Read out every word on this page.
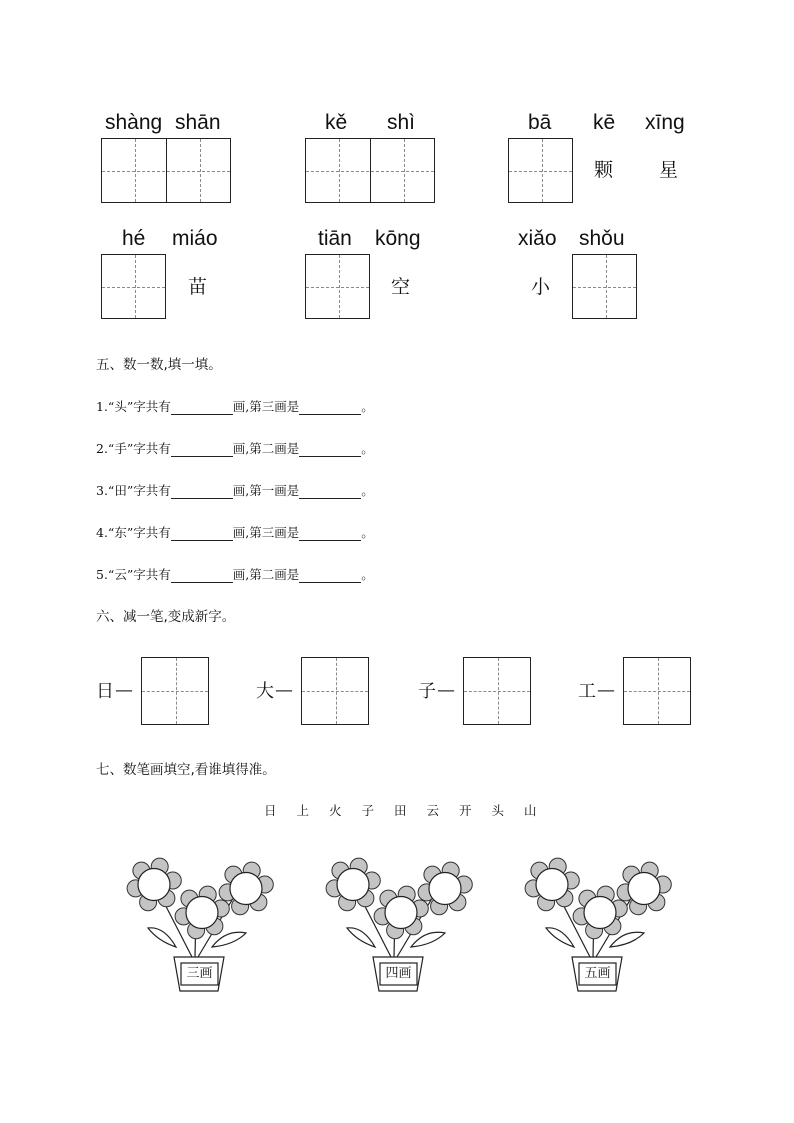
shàng shān	kě shì	bā kē xīng
颗 星
hé miáo
苗
tiān kōng
空
xiǎo shǒu
小
五、数一数,填一填。
1.“头”字共有	画,第三画是	。
2.“手”字共有	画,第二画是	。
3.“田”字共有	画,第一画是	。
4.“东”字共有	画,第三画是	。
5.“云”字共有	画,第二画是	。
六、减一笔,变成新字。
日 —	大 —	子 —	工 —
七、数笔画填空,看谁填得准。
日 上 火 子 田 云 开 头 山
三画	四画	五画
